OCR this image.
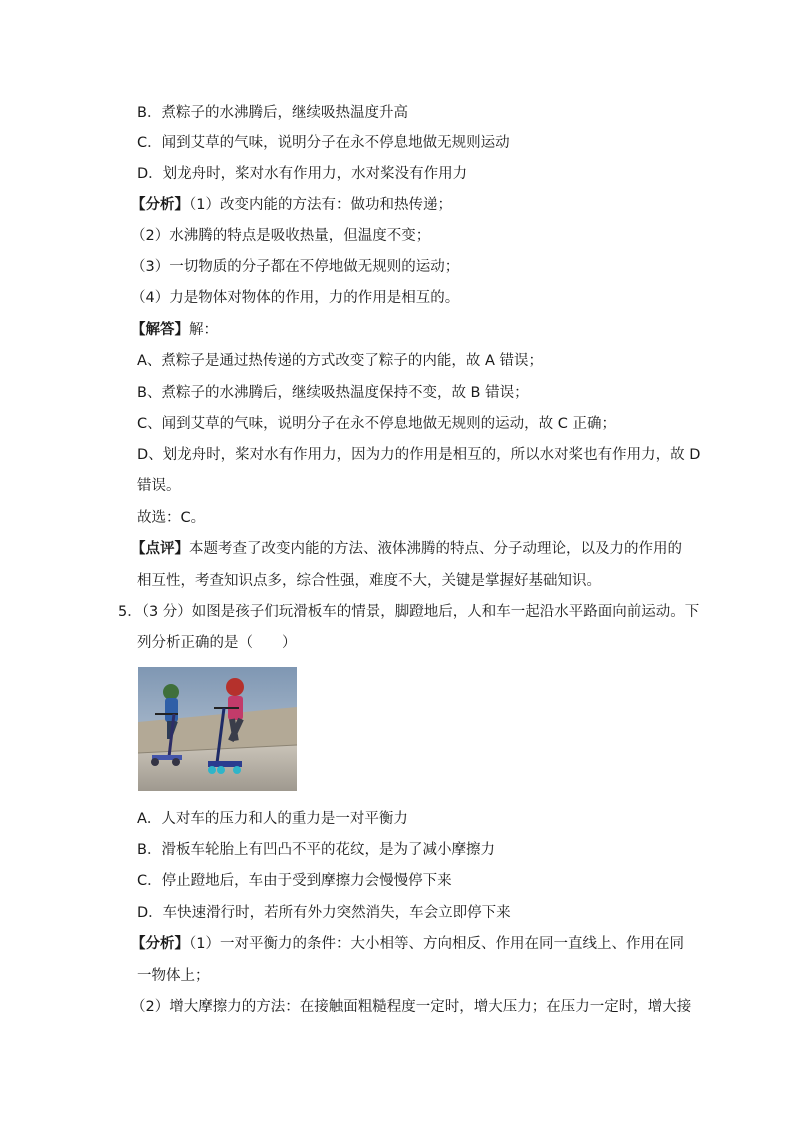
B．煮粽子的水沸腾后，继续吸热温度升高
C．闻到艾草的气味，说明分子在永不停息地做无规则运动
D．划龙舟时，桨对水有作用力，水对桨没有作用力
【分析】（1）改变内能的方法有：做功和热传递；
（2）水沸腾的特点是吸收热量，但温度不变；
（3）一切物质的分子都在不停地做无规则的运动；
（4）力是物体对物体的作用，力的作用是相互的。
【解答】解：
A、煮粽子是通过热传递的方式改变了粽子的内能，故 A 错误；
B、煮粽子的水沸腾后，继续吸热温度保持不变，故 B 错误；
C、闻到艾草的气味，说明分子在永不停息地做无规则的运动，故 C 正确；
D、划龙舟时，桨对水有作用力，因为力的作用是相互的，所以水对桨也有作用力，故 D
错误。
故选：C。
【点评】本题考查了改变内能的方法、液体沸腾的特点、分子动理论，以及力的作用的
相互性，考查知识点多，综合性强，难度不大，关键是掌握好基础知识。
5．（3 分）如图是孩子们玩滑板车的情景，脚蹬地后，人和车一起沿水平路面向前运动。下
列分析正确的是（　　）
A．人对车的压力和人的重力是一对平衡力
B．滑板车轮胎上有凹凸不平的花纹，是为了减小摩擦力
C．停止蹬地后，车由于受到摩擦力会慢慢停下来
D．车快速滑行时，若所有外力突然消失，车会立即停下来
【分析】（1）一对平衡力的条件：大小相等、方向相反、作用在同一直线上、作用在同
一物体上；
（2）增大摩擦力的方法：在接触面粗糙程度一定时，增大压力；在压力一定时，增大接
